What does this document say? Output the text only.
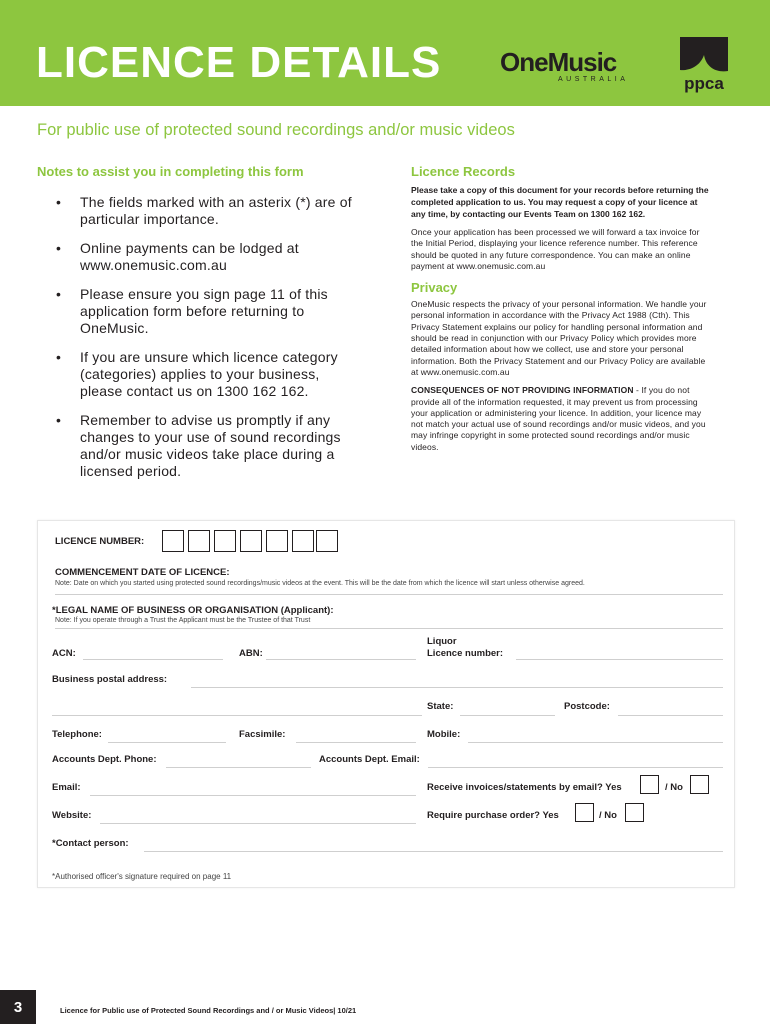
LICENCE DETAILS OneMusic
AUSTRALIA	ppca
For public use of protected sound recordings and/or music videos
Notes to assist you in completing this form
• The fields marked with an asterix (*) are of particular importance.
• Online payments can be lodged at www.onemusic.com.au
• Please ensure you sign page 11 of this application form before returning to OneMusic.
• If you are unsure which licence category (categories) applies to your business, please contact us on 1300 162 162.
• Remember to advise us promptly if any changes to your use of sound recordings and/or music videos take place during a licensed period.
Licence Records

Please take a copy of this document for your records before returning the completed application to us. You may request a copy of your licence at any time, by contacting our Events Team on 1300 162 162.

Once your application has been processed we will forward a tax invoice for the Initial Period, displaying your licence reference number. This reference should be quoted in any future correspondence. You can make an online payment at www.onemusic.com.au

Privacy

OneMusic respects the privacy of your personal information. We handle your personal information in accordance with the Privacy Act 1988 (Cth). This Privacy Statement explains our policy for handling personal information and should be read in conjunction with our Privacy Policy which provides more detailed information about how we collect, use and store your personal information. Both the Privacy Statement and our Privacy Policy are available at www.onemusic.com.au

CONSEQUENCES OF NOT PROVIDING INFORMATION - If you do not provide all of the information requested, it may prevent us from processing your application or administering your licence. In addition, your licence may not match your actual use of sound recordings and/or music videos, and you may infringe copyright in some protected sound recordings and/or music videos.

LICENCE NUMBER:
COMMENCEMENT DATE OF LICENCE:
Note: Date on which you started using protected sound recordings/music videos at the event. This will be the date from which the licence will start unless otherwise agreed.
*LEGAL NAME OF BUSINESS OR ORGANISATION (Applicant):
Note: If you operate through a Trust the Applicant must be the Trustee of that Trust
ACN:	ABN:
Liquor
Licence number:
Business postal address:
State:	Postcode:
Telephone:	Facsimile:	Mobile:
Accounts Dept. Phone:	Accounts Dept. Email:
Email:	Receive invoices/statements by email? Yes	/ No
Website:	Require purchase order? Yes	/ No
*Contact person:
*Authorised officer's signature required on page 11
3	Licence for Public use of Protected Sound Recordings and / or Music Videos| 10/21
